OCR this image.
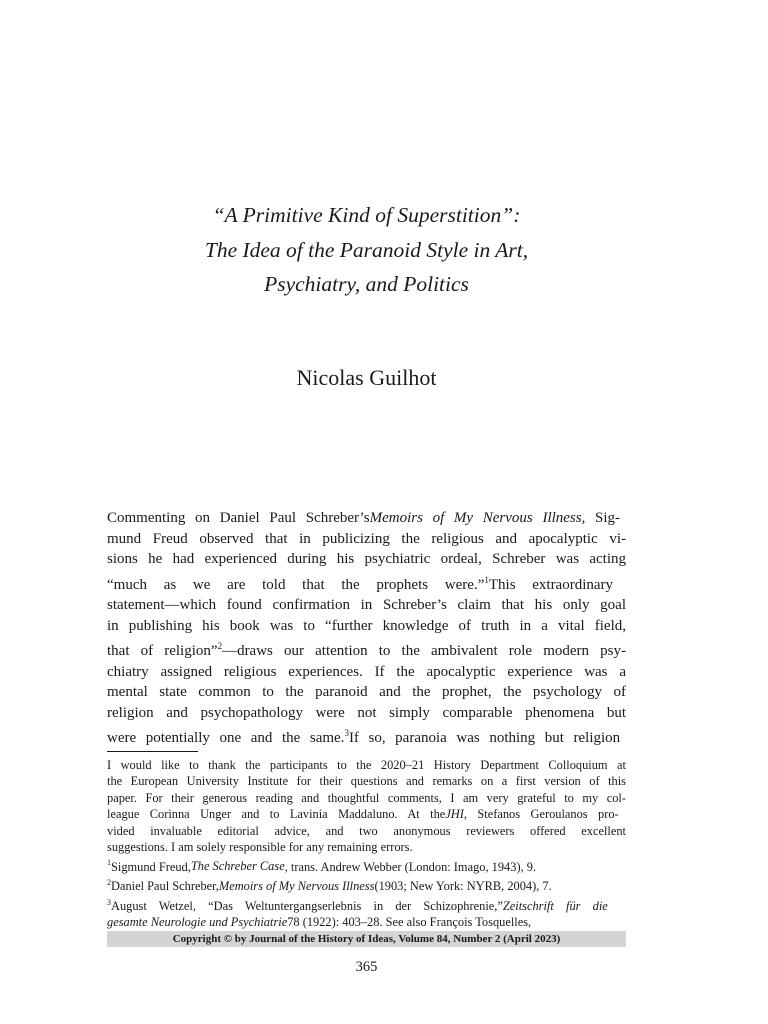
“A Primitive Kind of Superstition”:
The Idea of the Paranoid Style in Art,
Psychiatry, and Politics
Nicolas Guilhot
Commenting on Daniel Paul Schreber’sMemoirs of My Nervous Illness, Sig-
mund Freud observed that in publicizing the religious and apocalyptic vi-
sions he had experienced during his psychiatric ordeal, Schreber was acting
“much as we are told that the prophets were.”$^1$This extraordinary
statement—which found confirmation in Schreber’s claim that his only goal
in publishing his book was to “further knowledge of truth in a vital field,
that of religion”$^2$—draws our attention to the ambivalent role modern psy-
chiatry assigned religious experiences. If the apocalyptic experience was a
mental state common to the paranoid and the prophet, the psychology of
religion and psychopathology were not simply comparable phenomena but
were potentially one and the same.$^3$If so, paranoia was nothing but religion
I would like to thank the participants to the 2020–21 History Department Colloquium at
the European University Institute for their questions and remarks on a first version of this
paper. For their generous reading and thoughtful comments, I am very grateful to my col-
league Corinna Unger and to Lavinia Maddaluno. At theJHI, Stefanos Geroulanos pro-
vided invaluable editorial advice, and two anonymous reviewers offered excellent
suggestions. I am solely responsible for any remaining errors.
$^1$Sigmund Freud,The Schreber Case, trans. Andrew Webber (London: Imago, 1943), 9.
$^2$Daniel Paul Schreber,Memoirs of My Nervous Illness(1903; New York: NYRB, 2004), 7.
$^3$August Wetzel, “Das Weltuntergangserlebnis in der Schizophrenie,”Zeitschrift für die
gesamte Neurologie und Psychiatrie78 (1922): 403–28. See also François Tosquelles,
Copyright © by Journal of the History of Ideas, Volume 84, Number 2 (April 2023)
365
